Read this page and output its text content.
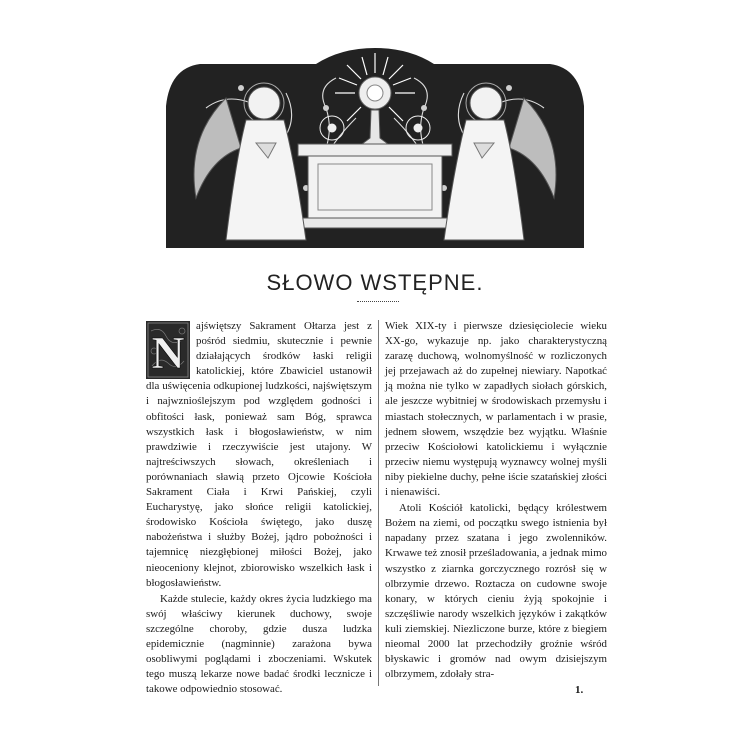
SŁOWO WSTĘPNE.
N

ajświętszy Sakrament Ołtarza jest z pośród siedmiu, skutecznie i pewnie działających środków łaski religii katolickiej, które Zbawiciel ustanowił dla uświęcenia odkupionej ludzkości, najświętszym i najwznioślejszym pod względem godności i obfitości łask, ponieważ sam Bóg, sprawca wszystkich łask i błogosławieństw, w nim prawdziwie i rzeczywiście jest utajony. W najtreściwszych słowach, określeniach i porównaniach sławią przeto Ojcowie Kościoła Sakrament Ciała i Krwi Pańskiej, czyli Eucharystyę, jako słońce religii katolickiej, środowisko Kościoła świętego, jako duszę nabożeństwa i służby Bożej, jądro pobożności i tajemnicę niezgłębionej miłości Bożej, jako nieoceniony klejnot, zbiorowisko wszelkich łask i błogosławieństw.

Każde stulecie, każdy okres życia ludzkiego ma swój właściwy kierunek duchowy, swoje szczególne choroby, gdzie dusza ludzka epidemicznie (nagminnie) zarażona bywa osobliwymi poglądami i zboczeniami. Wskutek tego muszą lekarze nowe badać środki lecznicze i takowe odpowiednio stosować.

Wiek XIX-ty i pierwsze dziesięciolecie wieku XX-go, wykazuje np. jako charakterystyczną zarazę duchową, wolnomyślność w rozliczonych jej przejawach aż do zupełnej niewiary. Napotkać ją można nie tylko w zapadłych siołach górskich, ale jeszcze wybitniej w środowiskach przemysłu i miastach stołecznych, w parlamentach i w prasie, jednem słowem, wszędzie bez wyjątku. Właśnie przeciw Kościołowi katolickiemu i wyłącznie przeciw niemu występują wyznawcy wolnej myśli niby piekielne duchy, pełne iście szatańskiej złości i nienawiści.

Atoli Kościół katolicki, będący królestwem Bożem na ziemi, od początku swego istnienia był napadany przez szatana i jego zwolenników. Krwawe też znosił prześladowania, a jednak mimo wszystko z ziarnka gorczycznego rozrósł się w olbrzymie drzewo. Roztacza on cudowne swoje konary, w których cieniu żyją spokojnie i szczęśliwie narody wszelkich języków i zakątków kuli ziemskiej. Niezliczone burze, które z biegiem nieomal 2000 lat przechodziły groźnie wśród błyskawic i gromów nad owym dzisiejszym olbrzymem, zdołały stra-

1.
